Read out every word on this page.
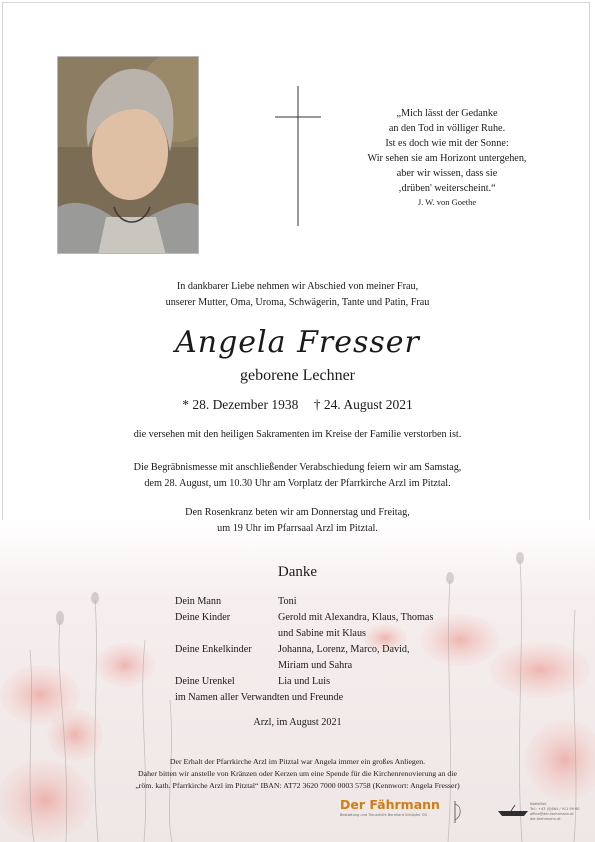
„Mich lässt der Gedanke
an den Tod in völliger Ruhe.
Ist es doch wie mit der Sonne:
Wir sehen sie am Horizont untergehen,
aber wir wissen, dass sie
‚drüben' weiterscheint.“
J. W. von Goethe
In dankbarer Liebe nehmen wir Abschied von meiner Frau,
unserer Mutter, Oma, Uroma, Schwägerin, Tante und Patin, Frau
Angela Fresser
geborene Lechner
* 28. Dezember 1938 † 24. August 2021
die versehen mit den heiligen Sakramenten im Kreise der Familie verstorben ist.
Die Begräbnismesse mit anschließender Verabschiedung feiern wir am Samstag,
dem 28. August, um 10.30 Uhr am Vorplatz der Pfarrkirche Arzl im Pitztal.
Den Rosenkranz beten wir am Donnerstag und Freitag,
um 19 Uhr im Pfarrsaal Arzl im Pitztal.
Danke
Dein Mann	Toni
Deine Kinder	Gerold mit Alexandra, Klaus, Thomas
und Sabine mit Klaus
Deine Enkelkinder	Johanna, Lorenz, Marco, David,
Miriam und Sahra
Deine Urenkel	Lia und Luis
im Namen aller Verwandten und Freunde
Arzl, im August 2021
Der Erhalt der Pfarrkirche Arzl im Pitztal war Angela immer ein großes Anliegen.
Daher bitten wir anstelle von Kränzen oder Kerzen um eine Spende für die Kirchenrenovierung an die
„röm. kath. Pfarrkirche Arzl im Pitztal“ IBAN: AT72 3620 7000 0003 5758 (Kennwort: Angela Fresser)
Der Fährmann
Bestattung und Trauerhilfe Bernhard Schöpfer OG
Notfalltel.
Tel.: +43 (0)664 / 911 99 60
office@der-faehrmann.at
der-faehrmann.at
